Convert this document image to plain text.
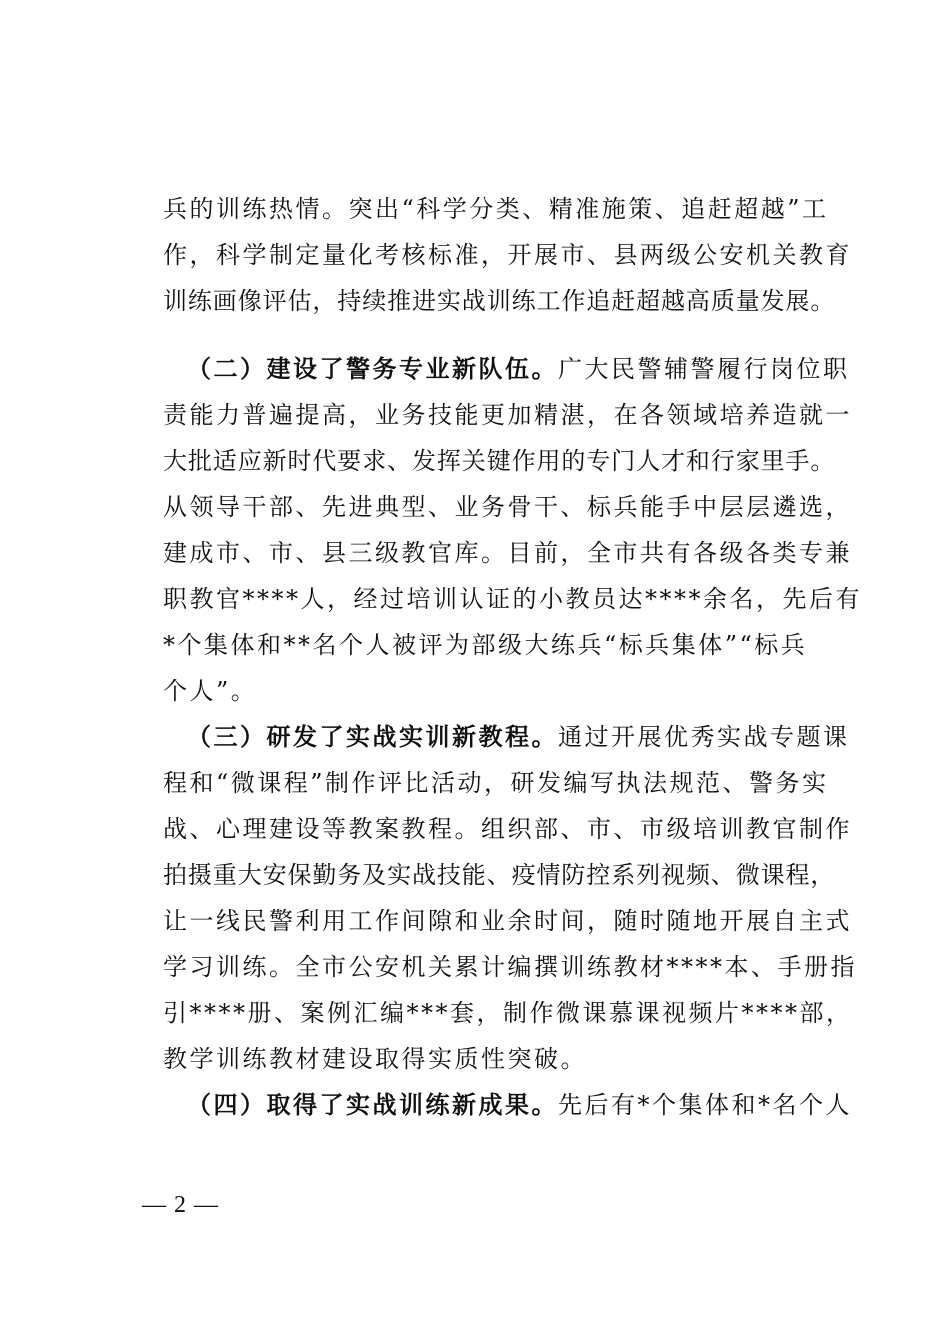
兵的训练热情。突出“科学分类、精准施策、追赶超越”工
作，科学制定量化考核标准，开展市、县两级公安机关教育
训练画像评估，持续推进实战训练工作追赶超越高质量发展。
（二）建设了警务专业新队伍。广大民警辅警履行岗位职
责能力普遍提高，业务技能更加精湛，在各领域培养造就一
大批适应新时代要求、发挥关键作用的专门人才和行家里手。
从领导干部、先进典型、业务骨干、标兵能手中层层遴选，
建成市、市、县三级教官库。目前，全市共有各级各类专兼
职教官****人，经过培训认证的小教员达****余名，先后有
*个集体和**名个人被评为部级大练兵“标兵集体”“标兵
个人”。
（三）研发了实战实训新教程。通过开展优秀实战专题课
程和“微课程”制作评比活动，研发编写执法规范、警务实
战、心理建设等教案教程。组织部、市、市级培训教官制作
拍摄重大安保勤务及实战技能、疫情防控系列视频、微课程，
让一线民警利用工作间隙和业余时间，随时随地开展自主式
学习训练。全市公安机关累计编撰训练教材****本、手册指
引****册、案例汇编***套，制作微课慕课视频片****部，
教学训练教材建设取得实质性突破。
（四）取得了实战训练新成果。先后有*个集体和*名个人
— 2 —
